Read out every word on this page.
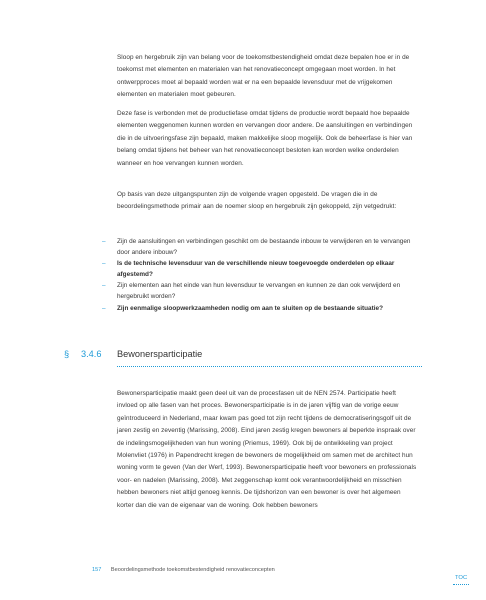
Sloop en hergebruik zijn van belang voor de toekomstbestendigheid omdat deze bepalen hoe er in de toekomst met elementen en materialen van het renovatieconcept omgegaan moet worden. In het ontwerpproces moet al bepaald worden wat er na een bepaalde levensduur met de vrijgekomen elementen en materialen moet gebeuren.

Deze fase is verbonden met de productiefase omdat tijdens de productie wordt bepaald hoe bepaalde elementen weggenomen kunnen worden en vervangen door andere. De aansluitingen en verbindingen die in de uitvoeringsfase zijn bepaald, maken makkelijke sloop mogelijk. Ook de beheerfase is hier van belang omdat tijdens het beheer van het renovatieconcept besloten kan worden welke onderdelen wanneer en hoe vervangen kunnen worden.

Op basis van deze uitgangspunten zijn de volgende vragen opgesteld. De vragen die in de beoordelingsmethode primair aan de noemer sloop en hergebruik zijn gekoppeld, zijn vetgedrukt:

– Zijn de aansluitingen en verbindingen geschikt om de bestaande inbouw te verwijderen en te vervangen door andere inbouw?
– Is de technische levensduur van de verschillende nieuw toegevoegde onderdelen op elkaar afgestemd?
– Zijn elementen aan het einde van hun levensduur te vervangen en kunnen ze dan ook verwijderd en hergebruikt worden?
– Zijn eenmalige sloopwerkzaamheden nodig om aan te sluiten op de bestaande situatie?
§ 3.4.6 Bewonersparticipatie

Bewonersparticipatie maakt geen deel uit van de procesfasen uit de NEN 2574. Participatie heeft invloed op alle fasen van het proces. Bewonersparticipatie is in de jaren vijftig van de vorige eeuw geïntroduceerd in Nederland, maar kwam pas goed tot zijn recht tijdens de democratiseringsgolf uit de jaren zestig en zeventig (Marissing, 2008). Eind jaren zestig kregen bewoners al beperkte inspraak over de indelingsmogelijkheden van hun woning (Priemus, 1969). Ook bij de ontwikkeling van project Molenvliet (1976) in Papendrecht kregen de bewoners de mogelijkheid om samen met de architect hun woning vorm te geven (Van der Werf, 1993). Bewonersparticipatie heeft voor bewoners en professionals voor- en nadelen (Marissing, 2008). Met zeggenschap komt ook verantwoordelijkheid en misschien hebben bewoners niet altijd genoeg kennis. De tijdshorizon van een bewoner is over het algemeen korter dan die van de eigenaar van de woning. Ook hebben bewoners

157 Beoordelingsmethode toekomstbestendigheid renovatieconcepten
TOC
